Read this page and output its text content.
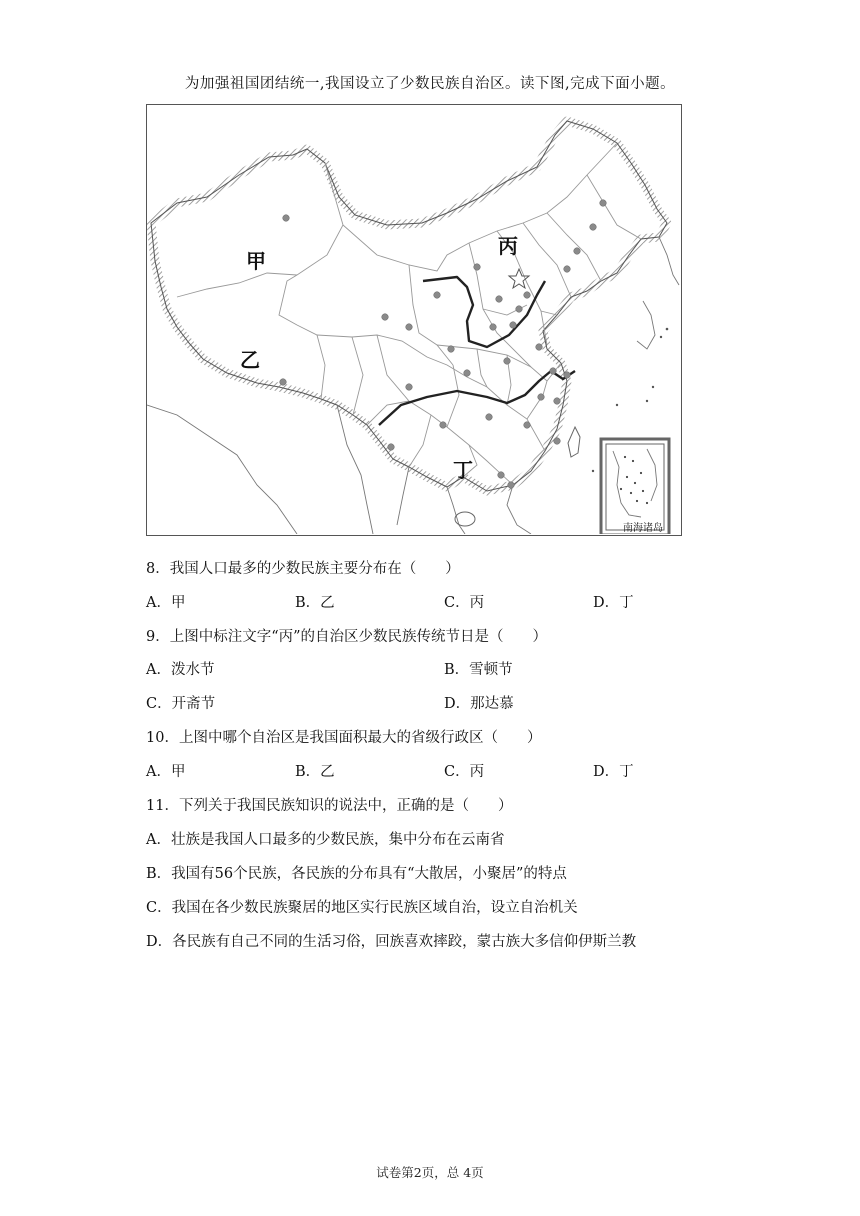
为加强祖国团结统一,我国设立了少数民族自治区。读下图,完成下面小题。
甲
乙
丙
丁
南海诸岛
8．我国人口最多的少数民族主要分布在（　　）
A．甲	B．乙	C．丙	D．丁
9．上图中标注文字“丙”的自治区少数民族传统节日是（　　）
A．泼水节	B．雪顿节
C．开斋节	D．那达慕
10．上图中哪个自治区是我国面积最大的省级行政区（　　）
A．甲	B．乙	C．丙	D．丁
11．下列关于我国民族知识的说法中，正确的是（　　）
A．壮族是我国人口最多的少数民族，集中分布在云南省
B．我国有56个民族，各民族的分布具有“大散居，小聚居”的特点
C．我国在各少数民族聚居的地区实行民族区域自治，设立自治机关
D．各民族有自己不同的生活习俗，回族喜欢摔跤，蒙古族大多信仰伊斯兰教
试卷第2页，总 4页
